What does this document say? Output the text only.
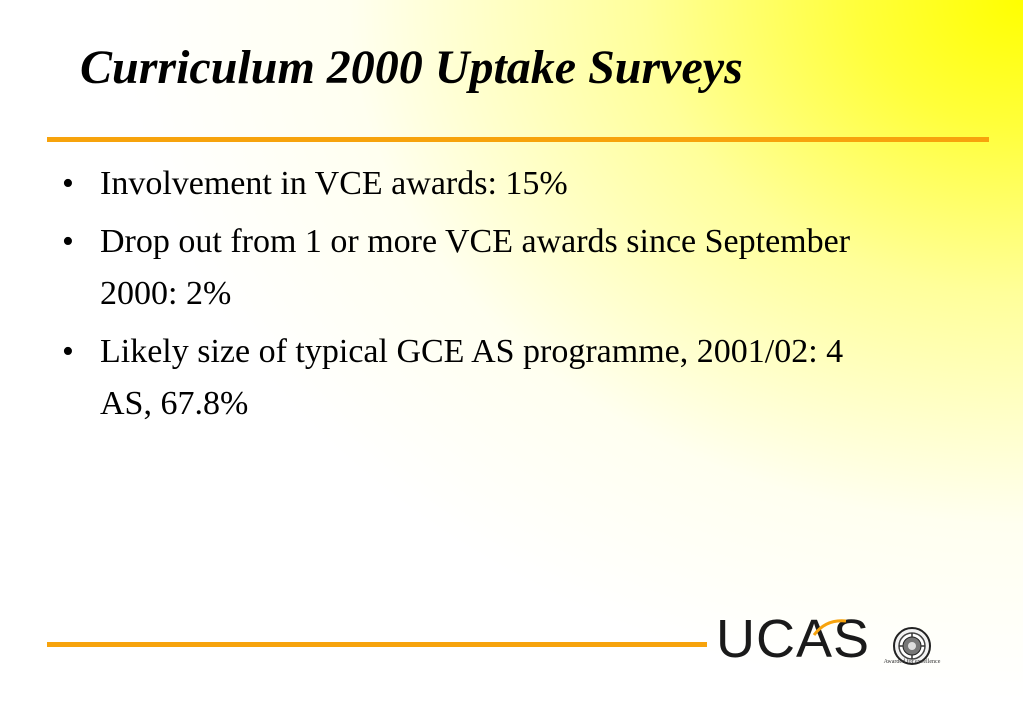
Curriculum 2000 Uptake Surveys
• Involvement in VCE awards: 15%
• Drop out from 1 or more VCE awards since September 2000: 2%
• Likely size of typical GCE AS programme, 2001/02: 4 AS, 67.8%
UCAS	Awarded for excellence
